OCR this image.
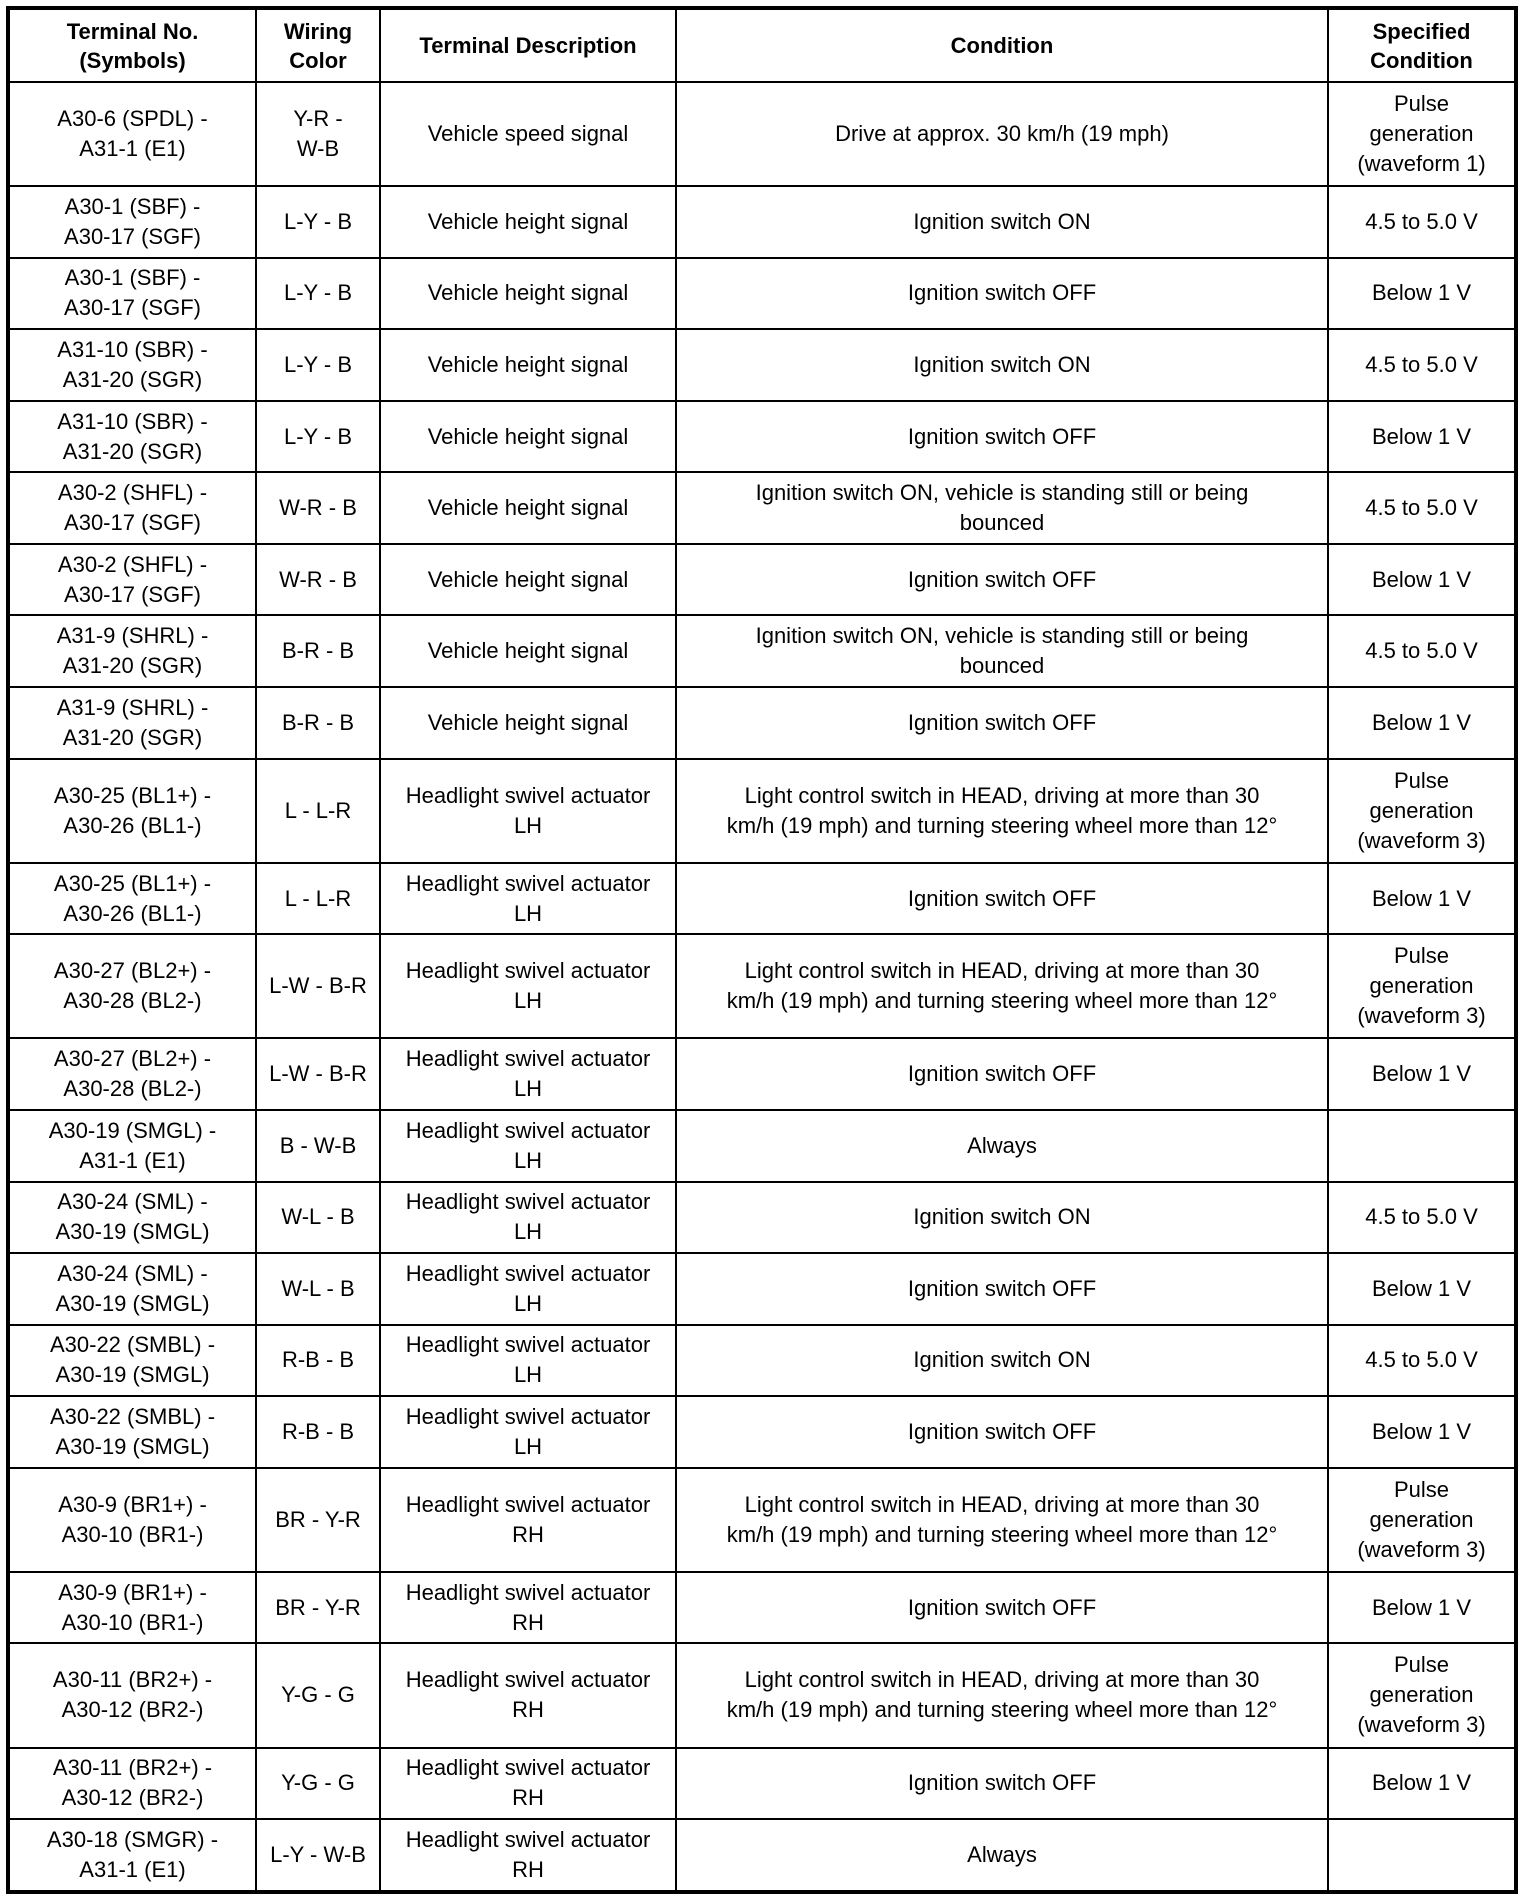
Terminal No.
(Symbols)	Wiring
Color	Terminal Description	Condition	Specified
Condition

A30-6 (SPDL) -
A31-1 (E1)	Y-R -
W-B	Vehicle speed signal	Drive at approx. 30 km/h (19 mph)	Pulse
generation
(waveform 1)

A30-1 (SBF) -
A30-17 (SGF)	L-Y - B	Vehicle height signal	Ignition switch ON	4.5 to 5.0 V

A30-1 (SBF) -
A30-17 (SGF)	L-Y - B	Vehicle height signal	Ignition switch OFF	Below 1 V

A31-10 (SBR) -
A31-20 (SGR)	L-Y - B	Vehicle height signal	Ignition switch ON	4.5 to 5.0 V

A31-10 (SBR) -
A31-20 (SGR)	L-Y - B	Vehicle height signal	Ignition switch OFF	Below 1 V

A30-2 (SHFL) -
A30-17 (SGF)	W-R - B	Vehicle height signal	Ignition switch ON, vehicle is standing still or being
bounced	4.5 to 5.0 V

A30-2 (SHFL) -
A30-17 (SGF)	W-R - B	Vehicle height signal	Ignition switch OFF	Below 1 V

A31-9 (SHRL) -
A31-20 (SGR)	B-R - B	Vehicle height signal	Ignition switch ON, vehicle is standing still or being
bounced	4.5 to 5.0 V

A31-9 (SHRL) -
A31-20 (SGR)	B-R - B	Vehicle height signal	Ignition switch OFF	Below 1 V

A30-25 (BL1+) -
A30-26 (BL1-)	L - L-R	Headlight swivel actuator
LH	Light control switch in HEAD, driving at more than 30
km/h (19 mph) and turning steering wheel more than 12°	Pulse
generation
(waveform 3)

A30-25 (BL1+) -
A30-26 (BL1-)	L - L-R	Headlight swivel actuator
LH	Ignition switch OFF	Below 1 V

A30-27 (BL2+) -
A30-28 (BL2-)	L-W - B-R	Headlight swivel actuator
LH	Light control switch in HEAD, driving at more than 30
km/h (19 mph) and turning steering wheel more than 12°	Pulse
generation
(waveform 3)

A30-27 (BL2+) -
A30-28 (BL2-)	L-W - B-R	Headlight swivel actuator
LH	Ignition switch OFF	Below 1 V

A30-19 (SMGL) -
A31-1 (E1)	B - W-B	Headlight swivel actuator
LH	Always	

A30-24 (SML) -
A30-19 (SMGL)	W-L - B	Headlight swivel actuator
LH	Ignition switch ON	4.5 to 5.0 V

A30-24 (SML) -
A30-19 (SMGL)	W-L - B	Headlight swivel actuator
LH	Ignition switch OFF	Below 1 V

A30-22 (SMBL) -
A30-19 (SMGL)	R-B - B	Headlight swivel actuator
LH	Ignition switch ON	4.5 to 5.0 V

A30-22 (SMBL) -
A30-19 (SMGL)	R-B - B	Headlight swivel actuator
LH	Ignition switch OFF	Below 1 V

A30-9 (BR1+) -
A30-10 (BR1-)	BR - Y-R	Headlight swivel actuator
RH	Light control switch in HEAD, driving at more than 30
km/h (19 mph) and turning steering wheel more than 12°	Pulse
generation
(waveform 3)

A30-9 (BR1+) -
A30-10 (BR1-)	BR - Y-R	Headlight swivel actuator
RH	Ignition switch OFF	Below 1 V

A30-11 (BR2+) -
A30-12 (BR2-)	Y-G - G	Headlight swivel actuator
RH	Light control switch in HEAD, driving at more than 30
km/h (19 mph) and turning steering wheel more than 12°	Pulse
generation
(waveform 3)

A30-11 (BR2+) -
A30-12 (BR2-)	Y-G - G	Headlight swivel actuator
RH	Ignition switch OFF	Below 1 V

A30-18 (SMGR) -
A31-1 (E1)	L-Y - W-B	Headlight swivel actuator
RH	Always	
